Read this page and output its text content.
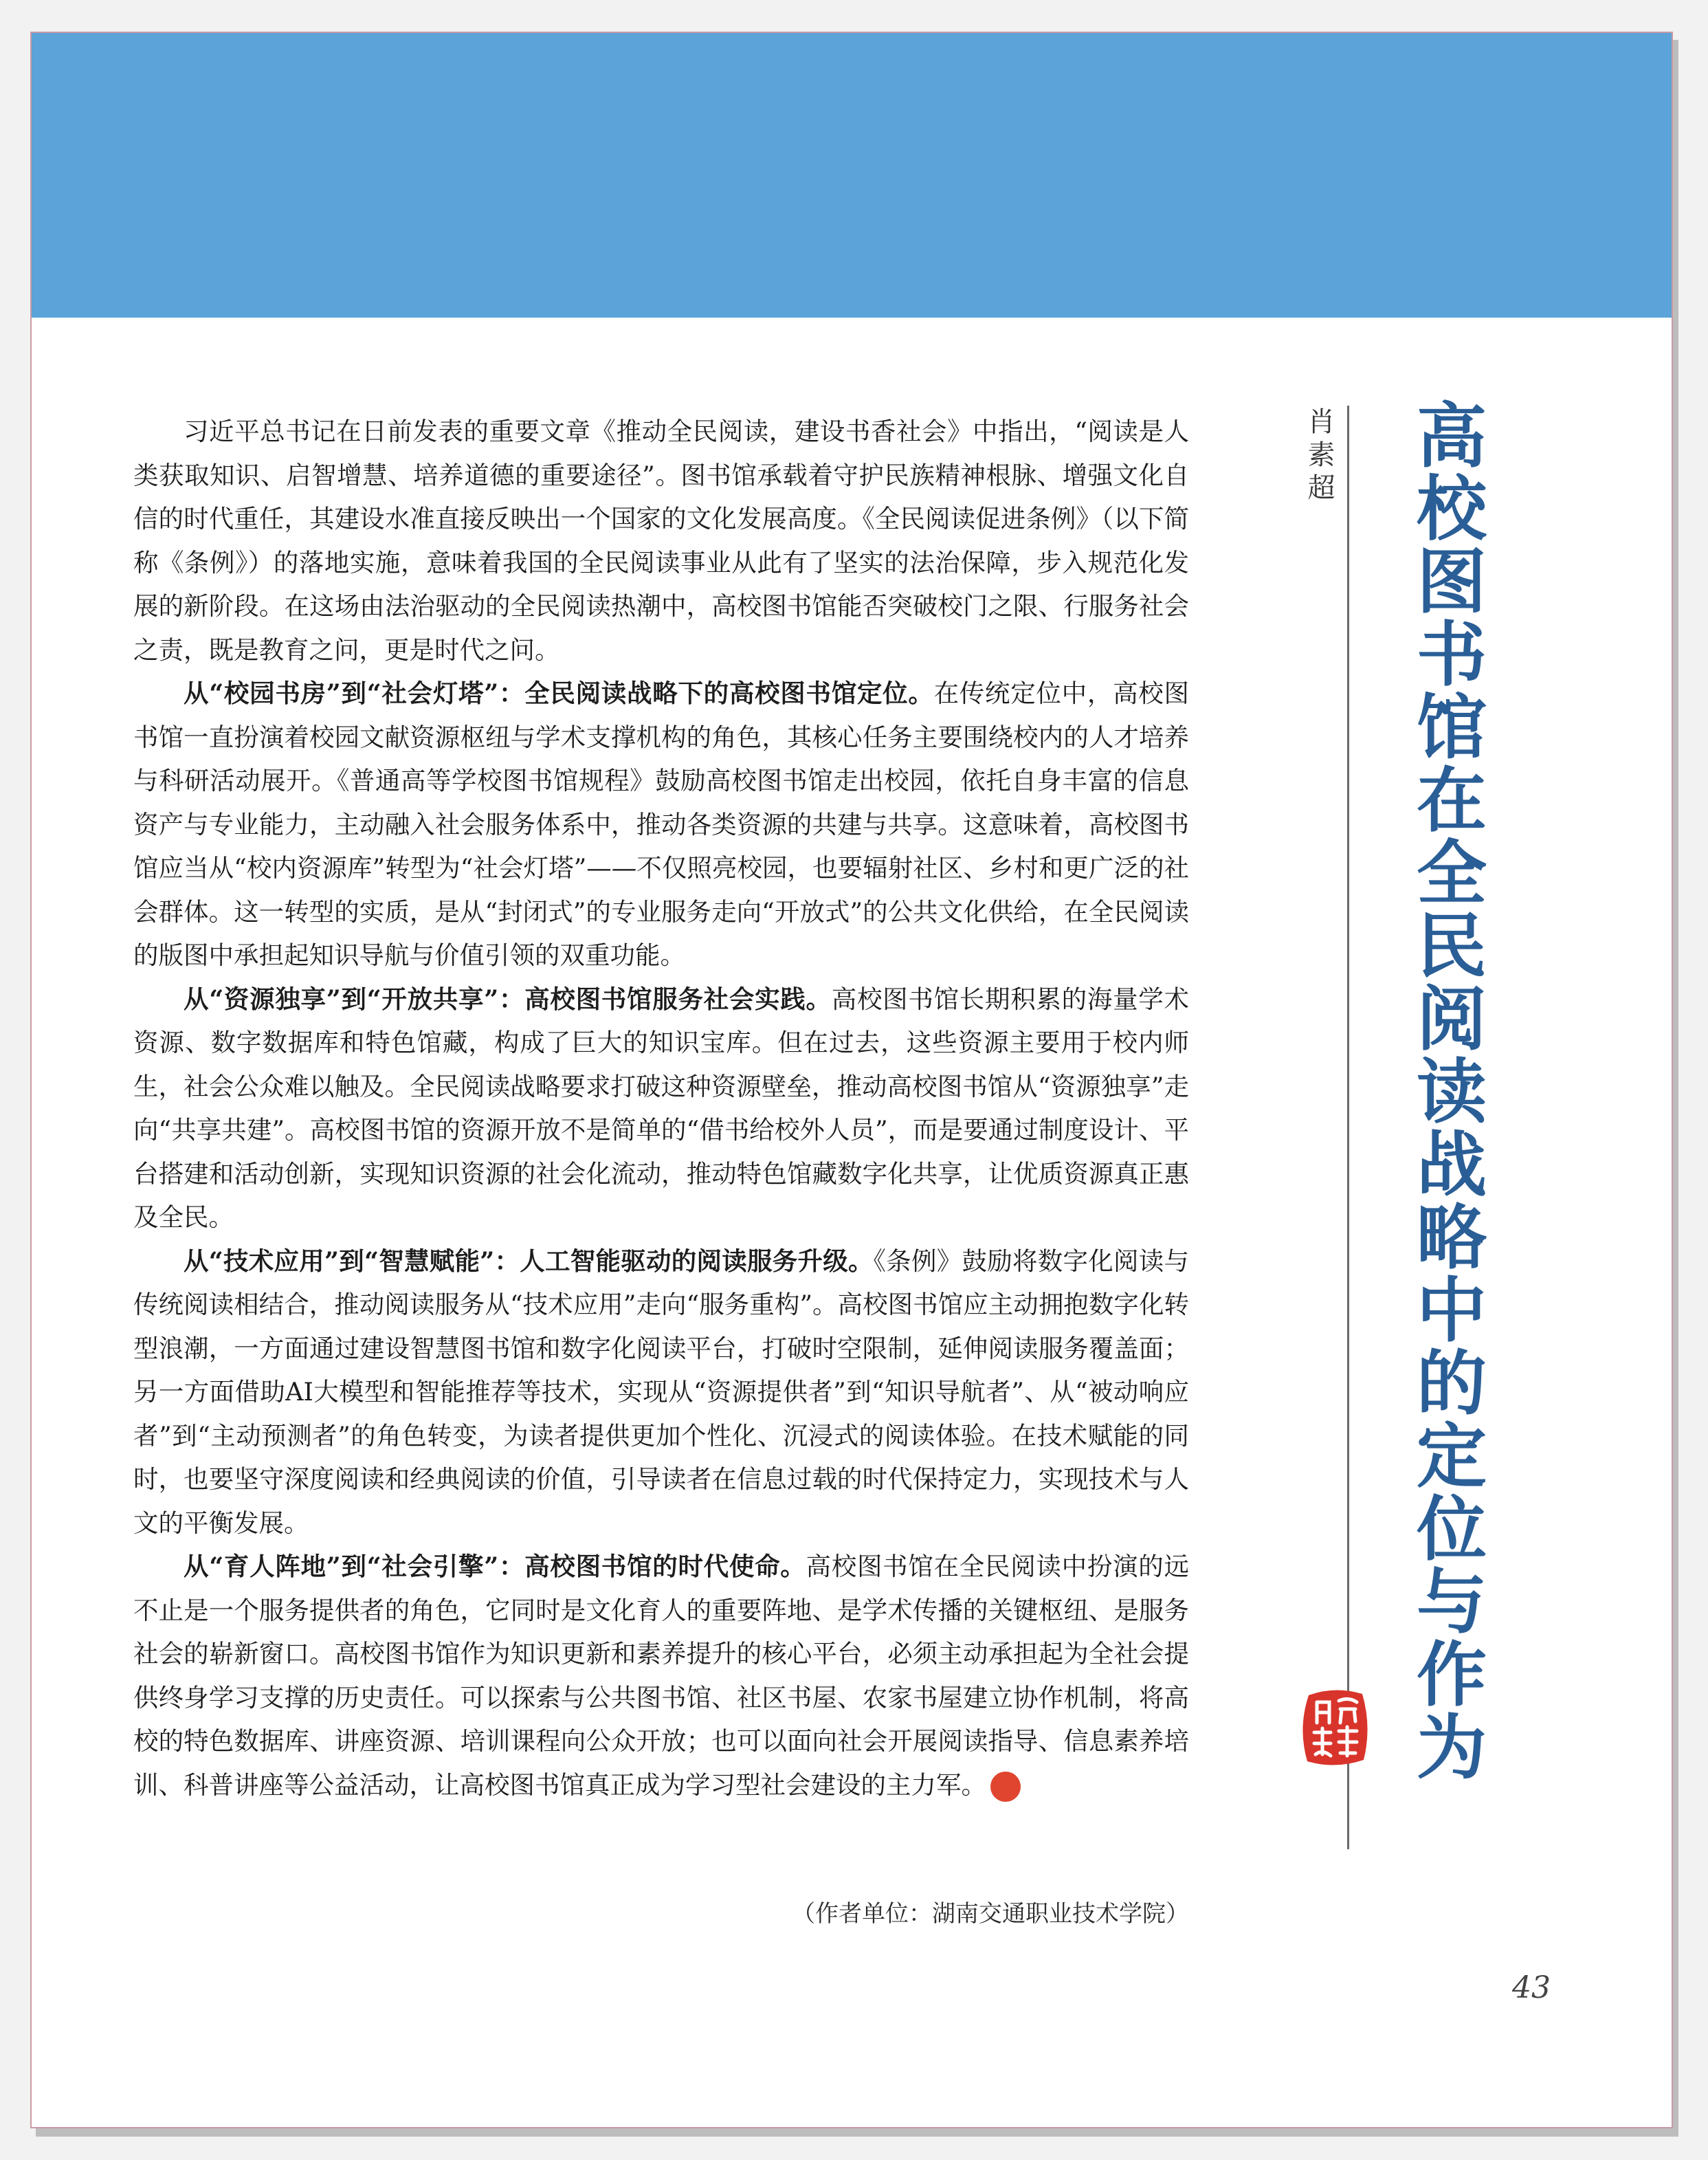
习近平总书记在日前发表的重要文章《推动全民阅读，建设书香社会》中指出，“阅读是人类获取知识、启智增慧、培养道德的重要途径”。图书馆承载着守护民族精神根脉、增强文化自信的时代重任，其建设水准直接反映出一个国家的文化发展高度。《全民阅读促进条例》（以下简称《条例》）的落地实施，意味着我国的全民阅读事业从此有了坚实的法治保障，步入规范化发展的新阶段。在这场由法治驱动的全民阅读热潮中，高校图书馆能否突破校门之限、行服务社会之责，既是教育之问，更是时代之问。

从“校园书房”到“社会灯塔”：全民阅读战略下的高校图书馆定位。在传统定位中，高校图书馆一直扮演着校园文献资源枢纽与学术支撑机构的角色，其核心任务主要围绕校内的人才培养与科研活动展开。《普通高等学校图书馆规程》鼓励高校图书馆走出校园，依托自身丰富的信息资产与专业能力，主动融入社会服务体系中，推动各类资源的共建与共享。这意味着，高校图书馆应当从“校内资源库”转型为“社会灯塔”——不仅照亮校园，也要辐射社区、乡村和更广泛的社会群体。这一转型的实质，是从“封闭式”的专业服务走向“开放式”的公共文化供给，在全民阅读的版图中承担起知识导航与价值引领的双重功能。

从“资源独享”到“开放共享”：高校图书馆服务社会实践。高校图书馆长期积累的海量学术资源、数字数据库和特色馆藏，构成了巨大的知识宝库。但在过去，这些资源主要用于校内师生，社会公众难以触及。全民阅读战略要求打破这种资源壁垒，推动高校图书馆从“资源独享”走向“共享共建”。高校图书馆的资源开放不是简单的“借书给校外人员”，而是要通过制度设计、平台搭建和活动创新，实现知识资源的社会化流动，推动特色馆藏数字化共享，让优质资源真正惠及全民。

从“技术应用”到“智慧赋能”：人工智能驱动的阅读服务升级。《条例》鼓励将数字化阅读与传统阅读相结合，推动阅读服务从“技术应用”走向“服务重构”。高校图书馆应主动拥抱数字化转型浪潮，一方面通过建设智慧图书馆和数字化阅读平台，打破时空限制，延伸阅读服务覆盖面；另一方面借助AI大模型和智能推荐等技术，实现从“资源提供者”到“知识导航者”、从“被动响应者”到“主动预测者”的角色转变，为读者提供更加个性化、沉浸式的阅读体验。在技术赋能的同时，也要坚守深度阅读和经典阅读的价值，引导读者在信息过载的时代保持定力，实现技术与人文的平衡发展。

从“育人阵地”到“社会引擎”：高校图书馆的时代使命。高校图书馆在全民阅读中扮演的远不止是一个服务提供者的角色，它同时是文化育人的重要阵地、是学术传播的关键枢纽、是服务社会的崭新窗口。高校图书馆作为知识更新和素养提升的核心平台，必须主动承担起为全社会提供终身学习支撑的历史责任。可以探索与公共图书馆、社区书屋、农家书屋建立协作机制，将高校的特色数据库、讲座资源、培训课程向公众开放；也可以面向社会开展阅读指导、信息素养培训、科普讲座等公益活动，让高校图书馆真正成为学习型社会建设的主力军。	n

（作者单位：湖南交通职业技术学院）
肖素超	高校图书馆在全民阅读战略中的定位与作为
43
